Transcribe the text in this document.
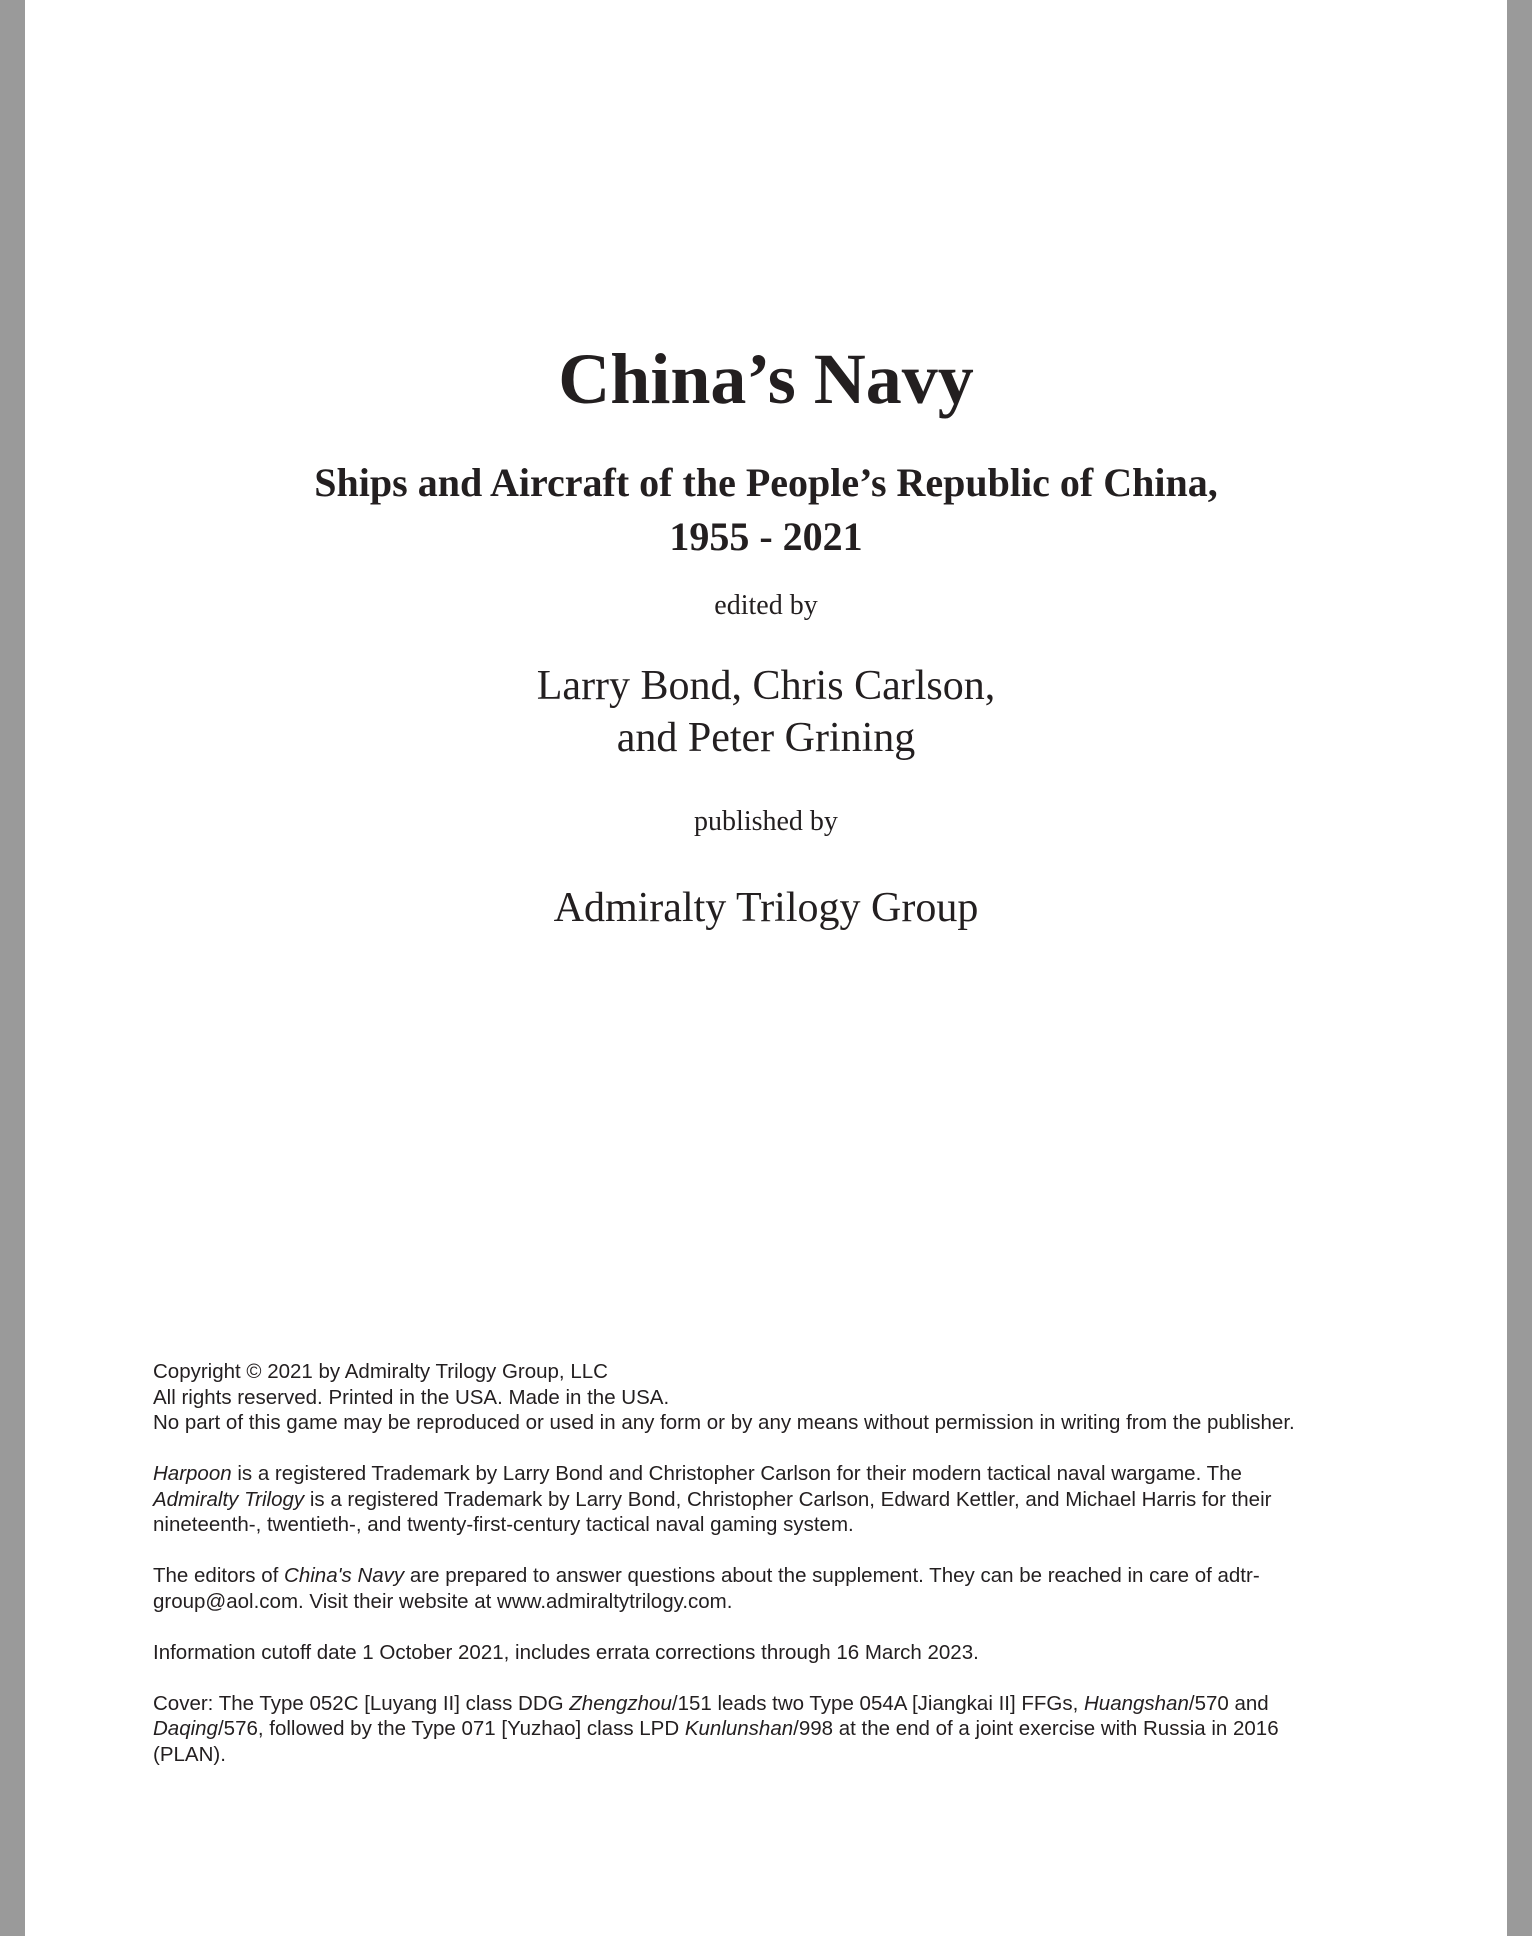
China’s Navy
Ships and Aircraft of the People’s Republic of China,
1955 - 2021
edited by
Larry Bond, Chris Carlson,
and Peter Grining
published by
Admiralty Trilogy Group

Copyright © 2021 by Admiralty Trilogy Group, LLC
All rights reserved. Printed in the USA. Made in the USA.
No part of this game may be reproduced or used in any form or by any means without permission in writing from the publisher.

Harpoon is a registered Trademark by Larry Bond and Christopher Carlson for their modern tactical naval wargame. The
Admiralty Trilogy is a registered Trademark by Larry Bond, Christopher Carlson, Edward Kettler, and Michael Harris for their
nineteenth-, twentieth-, and twenty-first-century tactical naval gaming system.

The editors of China's Navy are prepared to answer questions about the supplement. They can be reached in care of adtr-
group@aol.com. Visit their website at www.admiraltytrilogy.com.

Information cutoff date 1 October 2021, includes errata corrections through 16 March 2023.

Cover: The Type 052C [Luyang II] class DDG Zhengzhou/151 leads two Type 054A [Jiangkai II] FFGs, Huangshan/570 and
Daqing/576, followed by the Type 071 [Yuzhao] class LPD Kunlunshan/998 at the end of a joint exercise with Russia in 2016
(PLAN).
